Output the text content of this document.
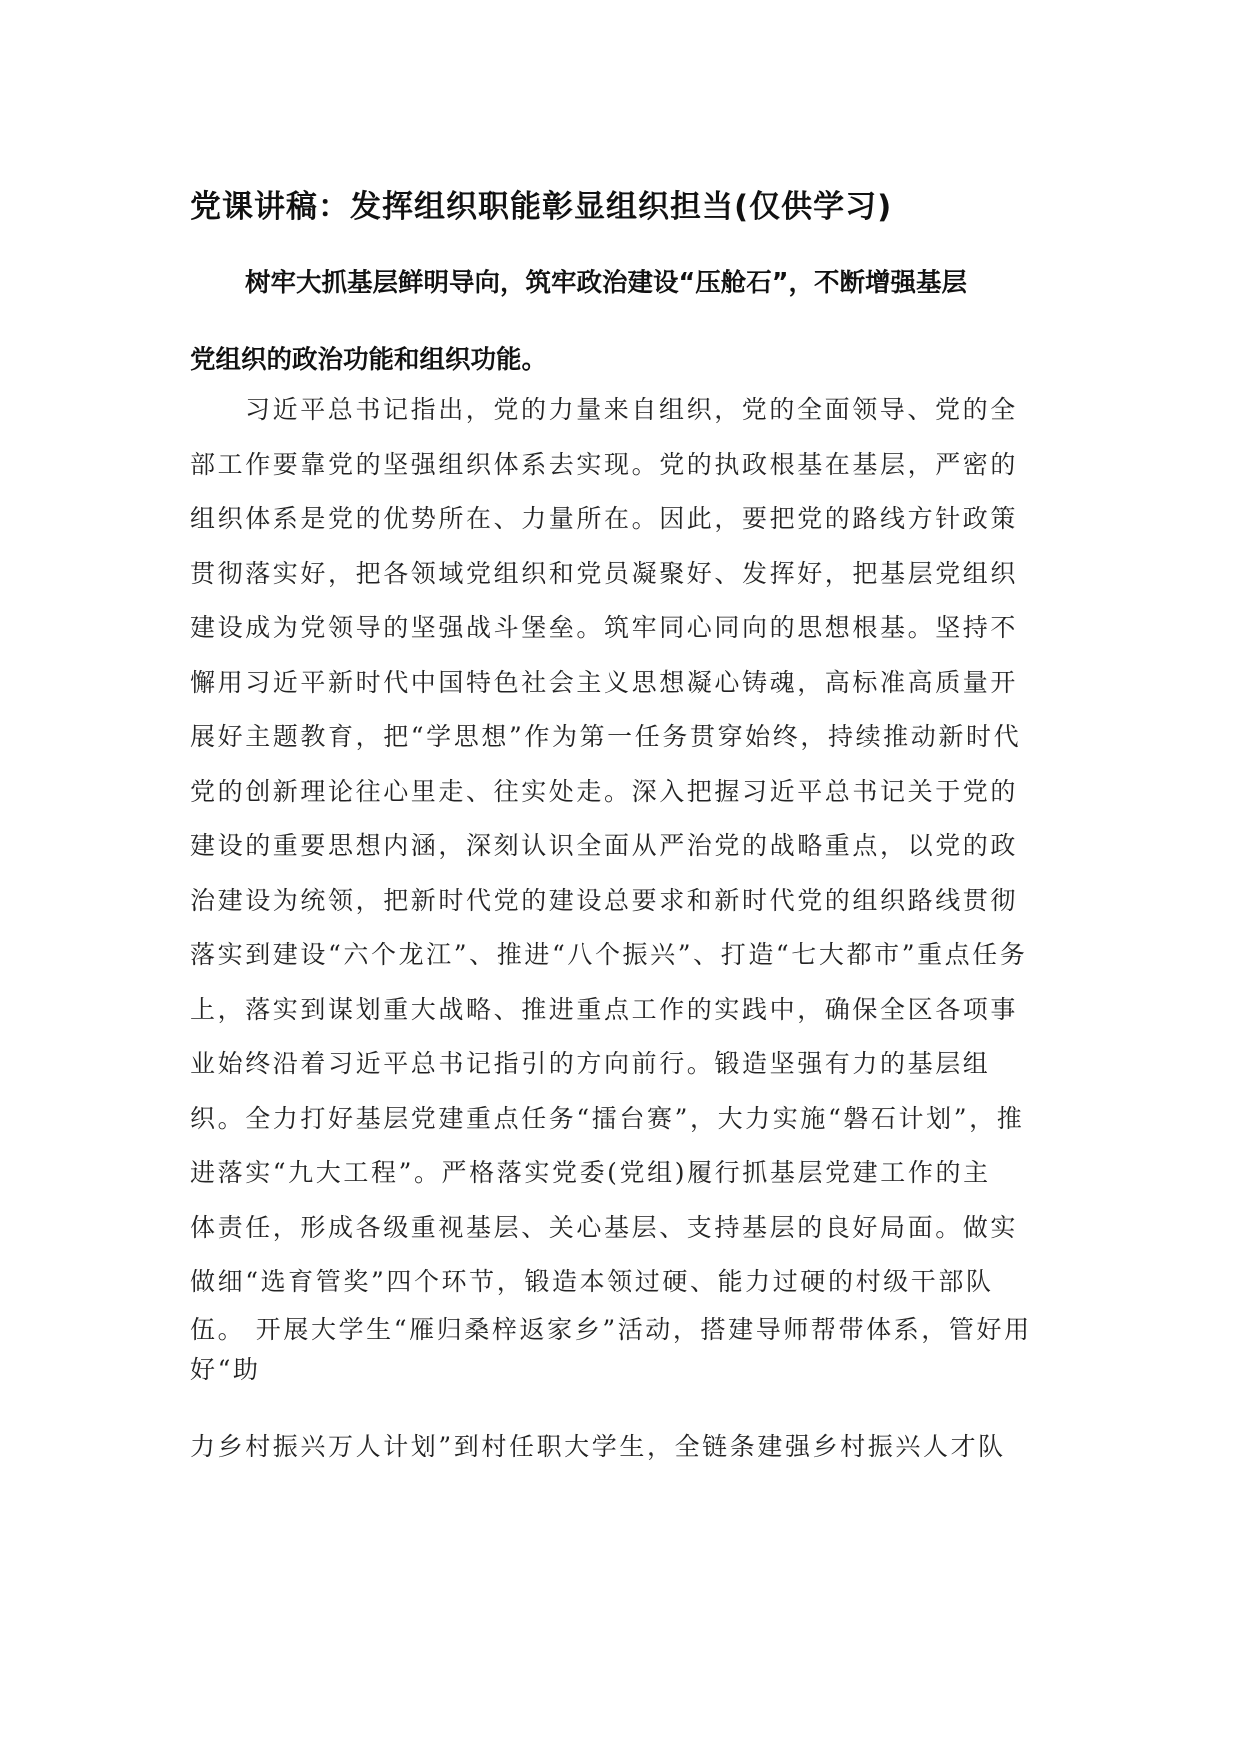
党课讲稿：发挥组织职能彰显组织担当(仅供学习)
树牢大抓基层鲜明导向，筑牢政治建设“压舱石”，不断增强基层
党组织的政治功能和组织功能。
习近平总书记指出，党的力量来自组织，党的全面领导、党的全
部工作要靠党的坚强组织体系去实现。党的执政根基在基层，严密的
组织体系是党的优势所在、力量所在。因此，要把党的路线方针政策
贯彻落实好，把各领域党组织和党员凝聚好、发挥好，把基层党组织
建设成为党领导的坚强战斗堡垒。筑牢同心同向的思想根基。坚持不
懈用习近平新时代中国特色社会主义思想凝心铸魂，高标准高质量开
展好主题教育，把“学思想”作为第一任务贯穿始终，持续推动新时代
党的创新理论往心里走、往实处走。深入把握习近平总书记关于党的
建设的重要思想内涵，深刻认识全面从严治党的战略重点，以党的政
治建设为统领，把新时代党的建设总要求和新时代党的组织路线贯彻
落实到建设“六个龙江”、推进“八个振兴”、打造“七大都市”重点任务
上，落实到谋划重大战略、推进重点工作的实践中，确保全区各项事
业始终沿着习近平总书记指引的方向前行。锻造坚强有力的基层组
织。全力打好基层党建重点任务“擂台赛”，大力实施“磐石计划”，推
进落实“九大工程”。严格落实党委(党组)履行抓基层党建工作的主
体责任，形成各级重视基层、关心基层、支持基层的良好局面。做实
做细“选育管奖”四个环节，锻造本领过硬、能力过硬的村级干部队
伍。 开展大学生“雁归桑梓返家乡”活动，搭建导师帮带体系，管好用
好“助
力乡村振兴万人计划”到村任职大学生，全链条建强乡村振兴人才队
